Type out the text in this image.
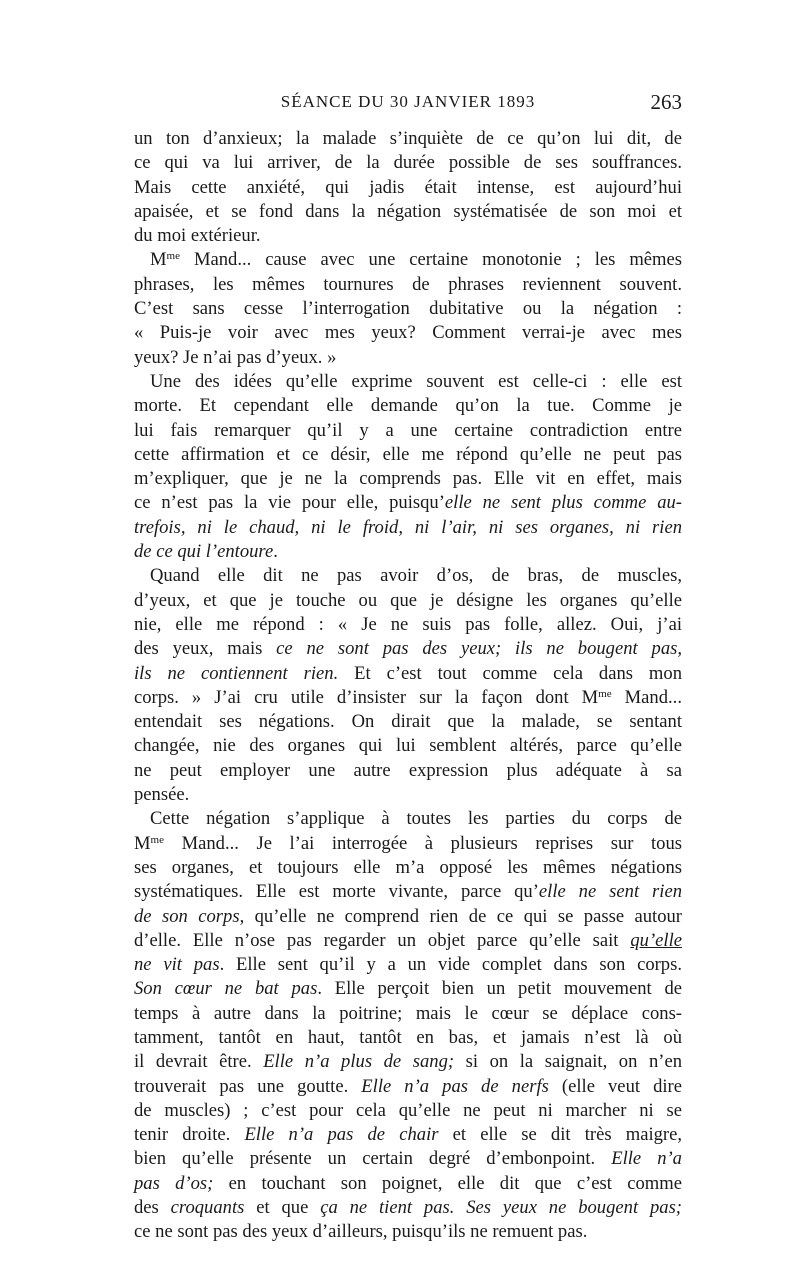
SÉANCE DU 30 JANVIER 1893	263
un ton d’anxieux; la malade s’inquiète de ce qu’on lui dit, de
ce qui va lui arriver, de la durée possible de ses souffrances.
Mais cette anxiété, qui jadis était intense, est aujourd’hui
apaisée, et se fond dans la négation systématisée de son moi et
du moi extérieur.
$M^{me}$ Mand... cause avec une certaine monotonie ; les mêmes
phrases, les mêmes tournures de phrases reviennent souvent.
C’est sans cesse l’interrogation dubitative ou la négation :
« Puis-je voir avec mes yeux? Comment verrai-je avec mes
yeux? Je n’ai pas d’yeux. »
Une des idées qu’elle exprime souvent est celle-ci : elle est
morte. Et cependant elle demande qu’on la tue. Comme je
lui fais remarquer qu’il y a une certaine contradiction entre
cette affirmation et ce désir, elle me répond qu’elle ne peut pas
m’expliquer, que je ne la comprends pas. Elle vit en effet, mais
ce n’est pas la vie pour elle, puisqu’elle ne sent plus comme au-
trefois, ni le chaud, ni le froid, ni l’air, ni ses organes, ni rien
de ce qui l’entoure.
Quand elle dit ne pas avoir d’os, de bras, de muscles,
d’yeux, et que je touche ou que je désigne les organes qu’elle
nie, elle me répond : « Je ne suis pas folle, allez. Oui, j’ai
des yeux, mais ce ne sont pas des yeux; ils ne bougent pas,
ils ne contiennent rien. Et c’est tout comme cela dans mon
corps. » J’ai cru utile d’insister sur la façon dont $M^{me}$ Mand...
entendait ses négations. On dirait que la malade, se sentant
changée, nie des organes qui lui semblent altérés, parce qu’elle
ne peut employer une autre expression plus adéquate à sa
pensée.
Cette négation s’applique à toutes les parties du corps de
$M^{me}$ Mand... Je l’ai interrogée à plusieurs reprises sur tous
ses organes, et toujours elle m’a opposé les mêmes négations
systématiques. Elle est morte vivante, parce qu’elle ne sent rien
de son corps, qu’elle ne comprend rien de ce qui se passe autour
d’elle. Elle n’ose pas regarder un objet parce qu’elle sait qu’elle
ne vit pas. Elle sent qu’il y a un vide complet dans son corps.
Son cœur ne bat pas. Elle perçoit bien un petit mouvement de
temps à autre dans la poitrine; mais le cœur se déplace cons-
tamment, tantôt en haut, tantôt en bas, et jamais n’est là où
il devrait être. Elle n’a plus de sang; si on la saignait, on n’en
trouverait pas une goutte. Elle n’a pas de nerfs (elle veut dire
de muscles) ; c’est pour cela qu’elle ne peut ni marcher ni se
tenir droite. Elle n’a pas de chair et elle se dit très maigre,
bien qu’elle présente un certain degré d’embonpoint. Elle n’a
pas d’os; en touchant son poignet, elle dit que c’est comme
des croquants et que ça ne tient pas. Ses yeux ne bougent pas;
ce ne sont pas des yeux d’ailleurs, puisqu’ils ne remuent pas.
